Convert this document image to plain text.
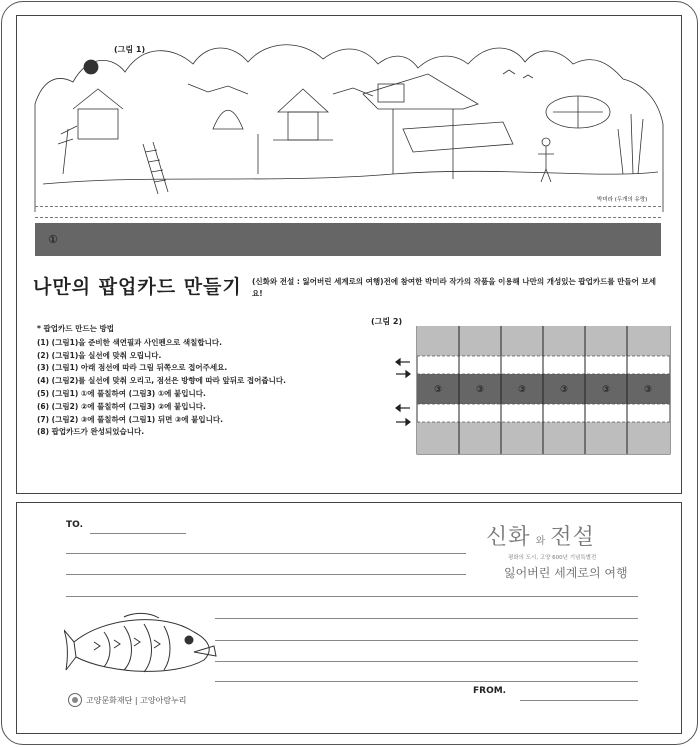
(그림 1)
박미라 (두개의 유랑)
①
나만의 팝업카드 만들기 (신화와 전설 : 잃어버린 세계로의 여행)전에 참여한 박미라 작가의 작품을 이용해 나만의 개성있는 팝업카드를 만들어 보세요!
* 팝업카드 만드는 방법
(1) (그림1)을 준비한 색연필과 사인펜으로 색칠합니다.
(2) (그림1)을 실선에 맞춰 오립니다.
(3) (그림1) 아래 점선에 따라 그림 뒤쪽으로 접어주세요.
(4) (그림2)를 실선에 맞춰 오리고, 점선은 방향에 따라 앞뒤로 접어줍니다.
(5) (그림1) ①에 풀칠하여 (그림3) ①에 붙입니다.
(6) (그림2) ②에 풀칠하여 (그림3) ②에 붙입니다.
(7) (그림2) ③에 풀칠하여 (그림1) 뒤면 ③에 붙입니다.
(8) 팝업카드가 완성되었습니다.
(그림 2)
③	③	③	③	③	③
TO.	신화 와 전설
평화의 도시, 고양 600년 기념특별전
잃어버린 세계로의 여행
고양문화재단 | 고양아람누리
FROM.
